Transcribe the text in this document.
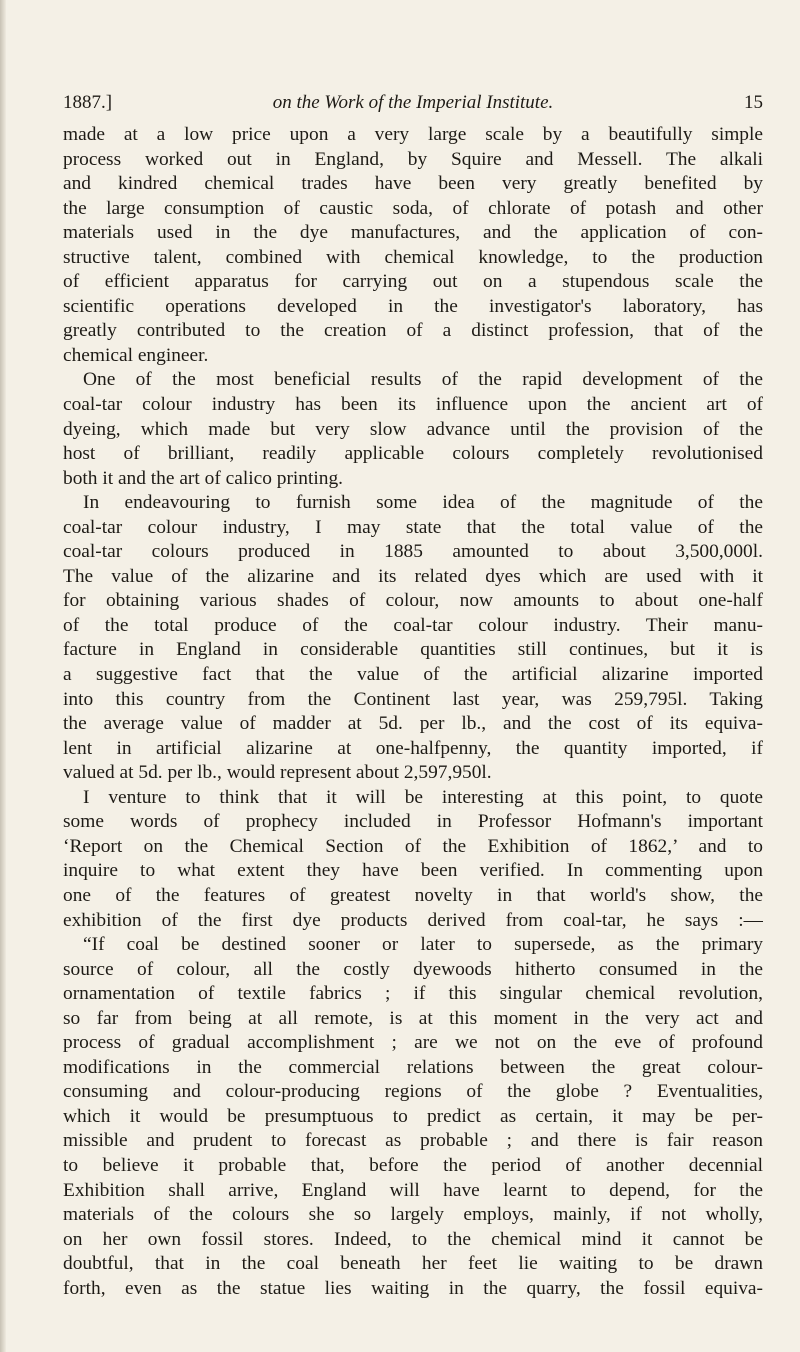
1887.]	on the Work of the Imperial Institute.	15
made at a low price upon a very large scale by a beautifully simple
process worked out in England, by Squire and Messell. The alkali
and kindred chemical trades have been very greatly benefited by
the large consumption of caustic soda, of chlorate of potash and other
materials used in the dye manufactures, and the application of con-
structive talent, combined with chemical knowledge, to the production
of efficient apparatus for carrying out on a stupendous scale the
scientific operations developed in the investigator's laboratory, has
greatly contributed to the creation of a distinct profession, that of the
chemical engineer.
One of the most beneficial results of the rapid development of the
coal-tar colour industry has been its influence upon the ancient art of
dyeing, which made but very slow advance until the provision of the
host of brilliant, readily applicable colours completely revolutionised
both it and the art of calico printing.
In endeavouring to furnish some idea of the magnitude of the
coal-tar colour industry, I may state that the total value of the
coal-tar colours produced in 1885 amounted to about 3,500,000l.
The value of the alizarine and its related dyes which are used with it
for obtaining various shades of colour, now amounts to about one-half
of the total produce of the coal-tar colour industry. Their manu-
facture in England in considerable quantities still continues, but it is
a suggestive fact that the value of the artificial alizarine imported
into this country from the Continent last year, was 259,795l. Taking
the average value of madder at 5d. per lb., and the cost of its equiva-
lent in artificial alizarine at one-halfpenny, the quantity imported, if
valued at 5d. per lb., would represent about 2,597,950l.
I venture to think that it will be interesting at this point, to quote
some words of prophecy included in Professor Hofmann's important
‘Report on the Chemical Section of the Exhibition of 1862,’ and to
inquire to what extent they have been verified. In commenting upon
one of the features of greatest novelty in that world's show, the
exhibition of the first dye products derived from coal-tar, he says :—
“If coal be destined sooner or later to supersede, as the primary
source of colour, all the costly dyewoods hitherto consumed in the
ornamentation of textile fabrics ; if this singular chemical revolution,
so far from being at all remote, is at this moment in the very act and
process of gradual accomplishment ; are we not on the eve of profound
modifications in the commercial relations between the great colour-
consuming and colour-producing regions of the globe ? Eventualities,
which it would be presumptuous to predict as certain, it may be per-
missible and prudent to forecast as probable ; and there is fair reason
to believe it probable that, before the period of another decennial
Exhibition shall arrive, England will have learnt to depend, for the
materials of the colours she so largely employs, mainly, if not wholly,
on her own fossil stores. Indeed, to the chemical mind it cannot be
doubtful, that in the coal beneath her feet lie waiting to be drawn
forth, even as the statue lies waiting in the quarry, the fossil equiva-
